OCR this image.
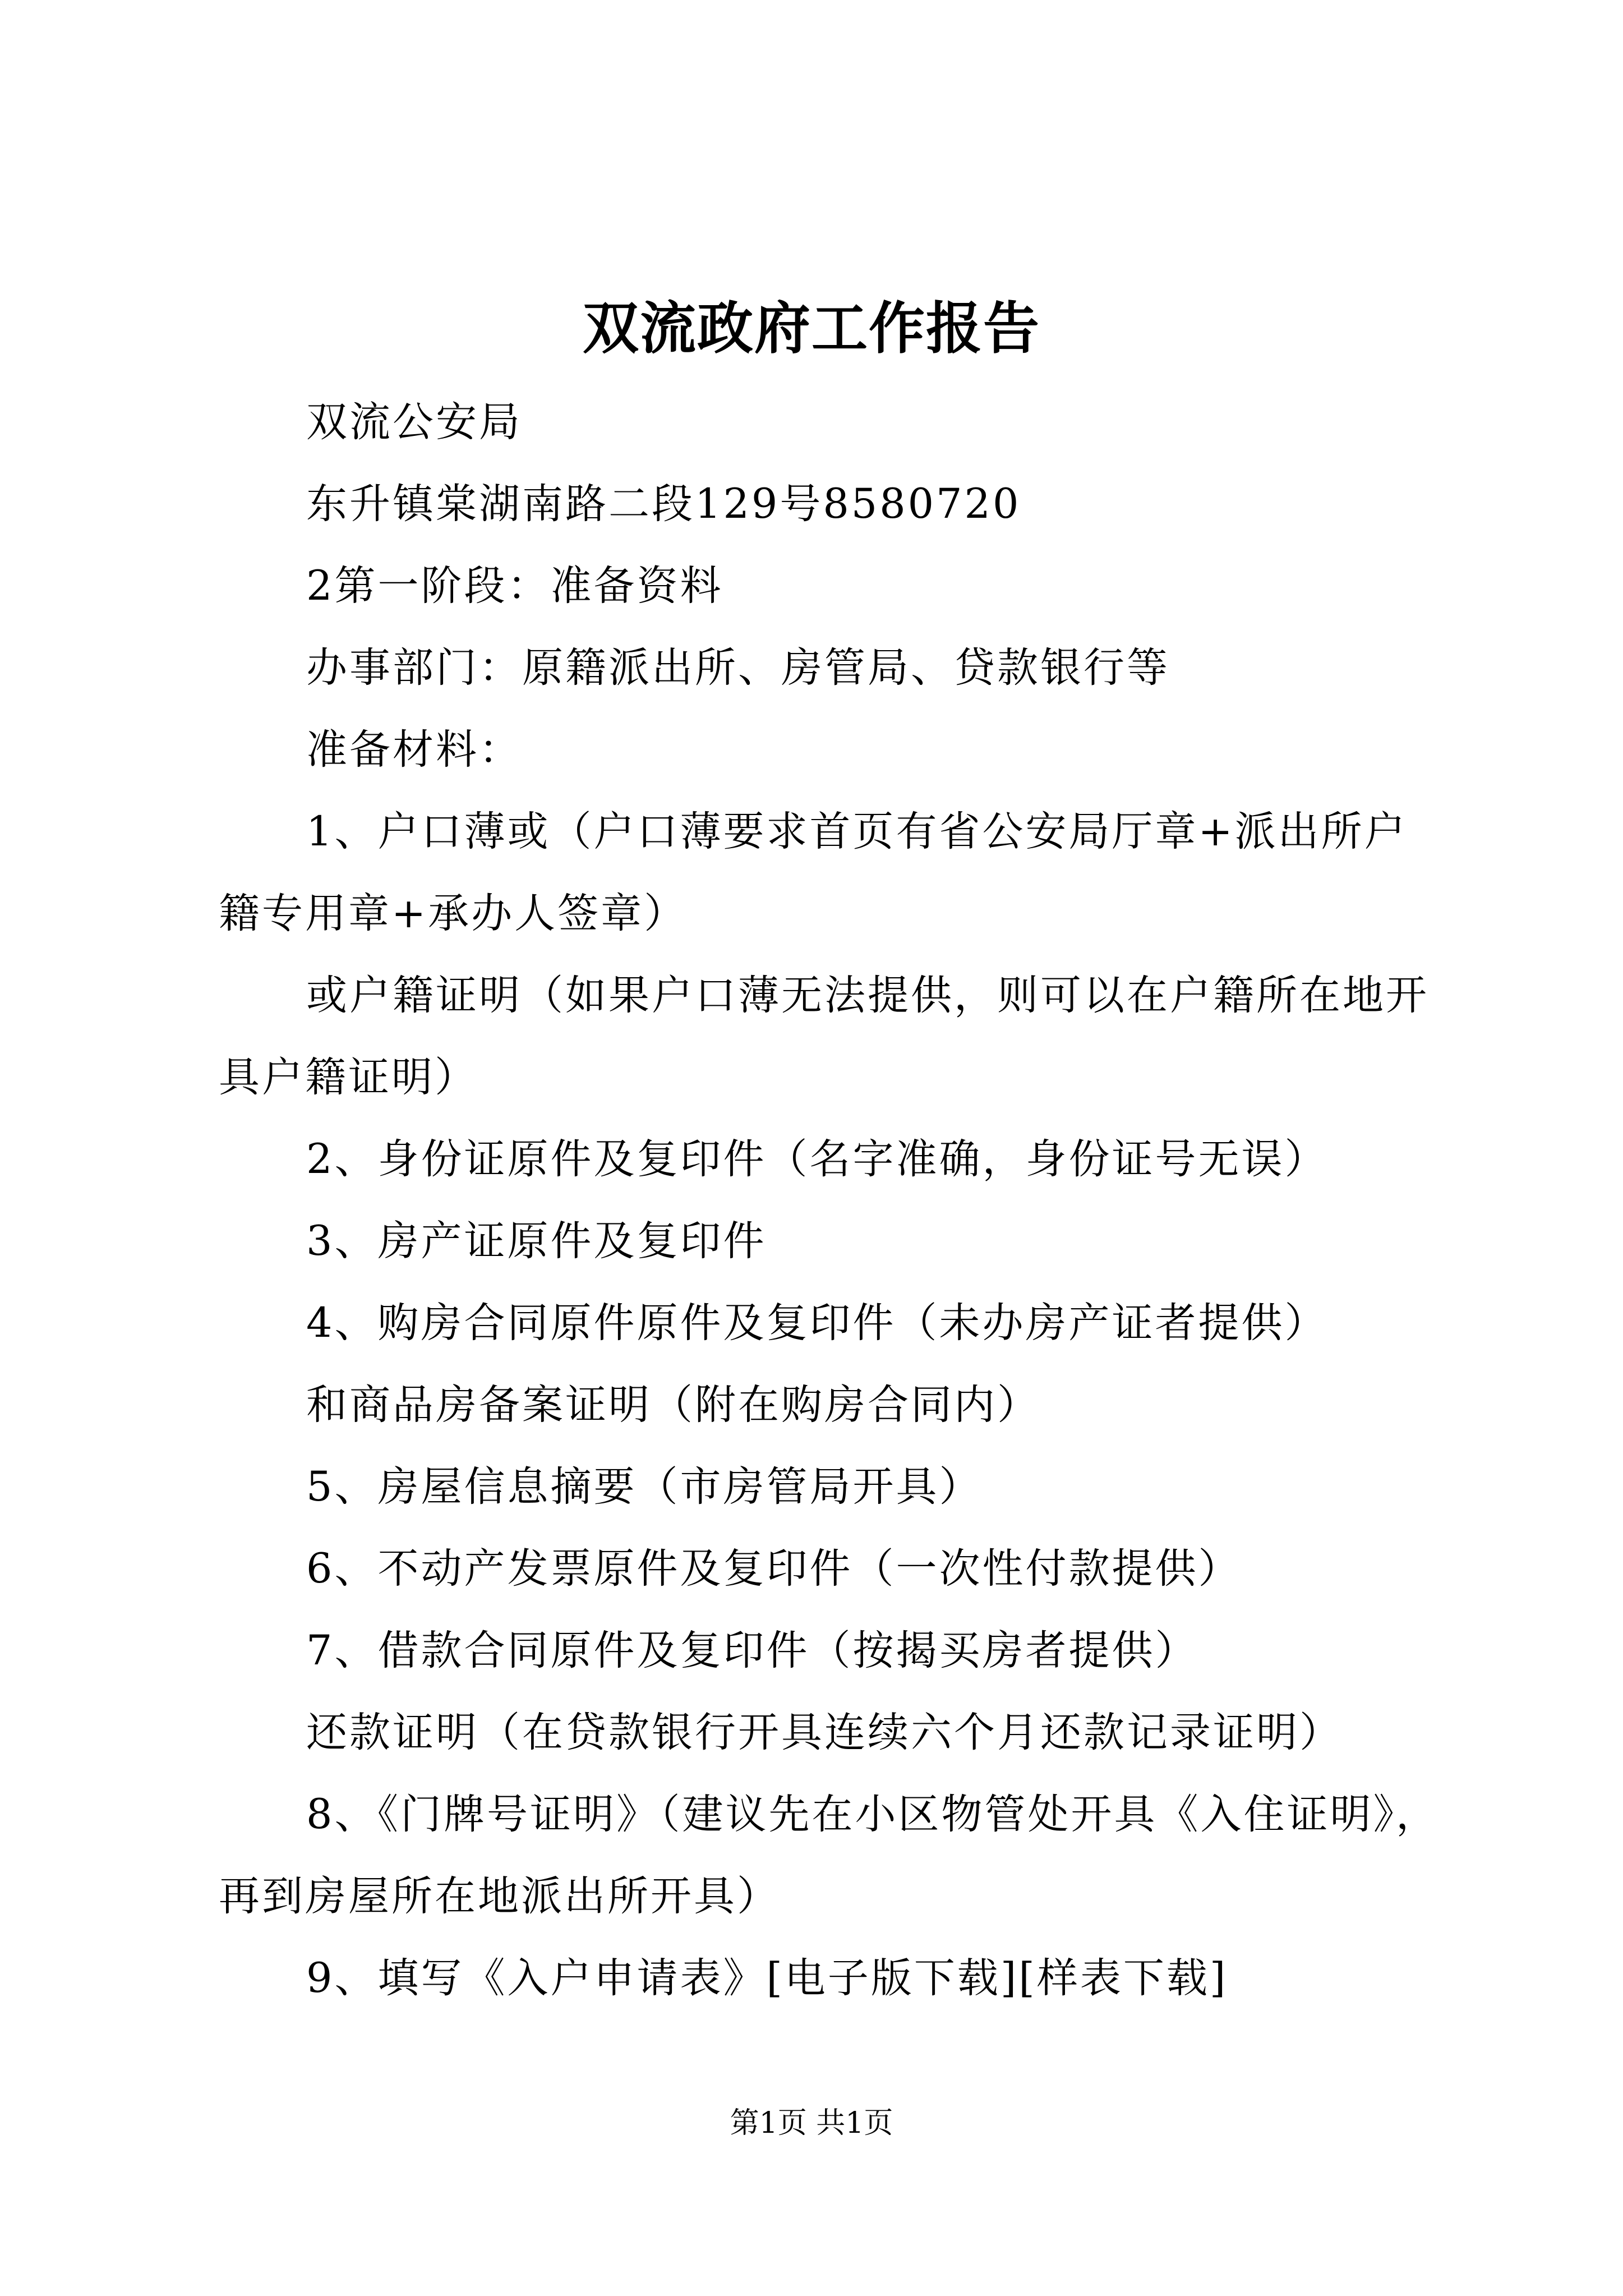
双流政府工作报告

双流公安局

东升镇棠湖南路二段129号8580720

2第一阶段：准备资料

办事部门：原籍派出所、房管局、贷款银行等

准备材料：

1、户口薄或（户口薄要求首页有省公安局厅章+派出所户籍专用章+承办人签章）

或户籍证明（如果户口薄无法提供，则可以在户籍所在地开具户籍证明）

2、身份证原件及复印件（名字准确，身份证号无误）

3、房产证原件及复印件

4、购房合同原件原件及复印件（未办房产证者提供）

和商品房备案证明（附在购房合同内）

5、房屋信息摘要（市房管局开具）

6、不动产发票原件及复印件（一次性付款提供）

7、借款合同原件及复印件（按揭买房者提供）

还款证明（在贷款银行开具连续六个月还款记录证明）

8、《门牌号证明》（建议先在小区物管处开具《入住证明》，再到房屋所在地派出所开具）

9、填写《入户申请表》[电子版下载][样表下载]

第1页 共1页
